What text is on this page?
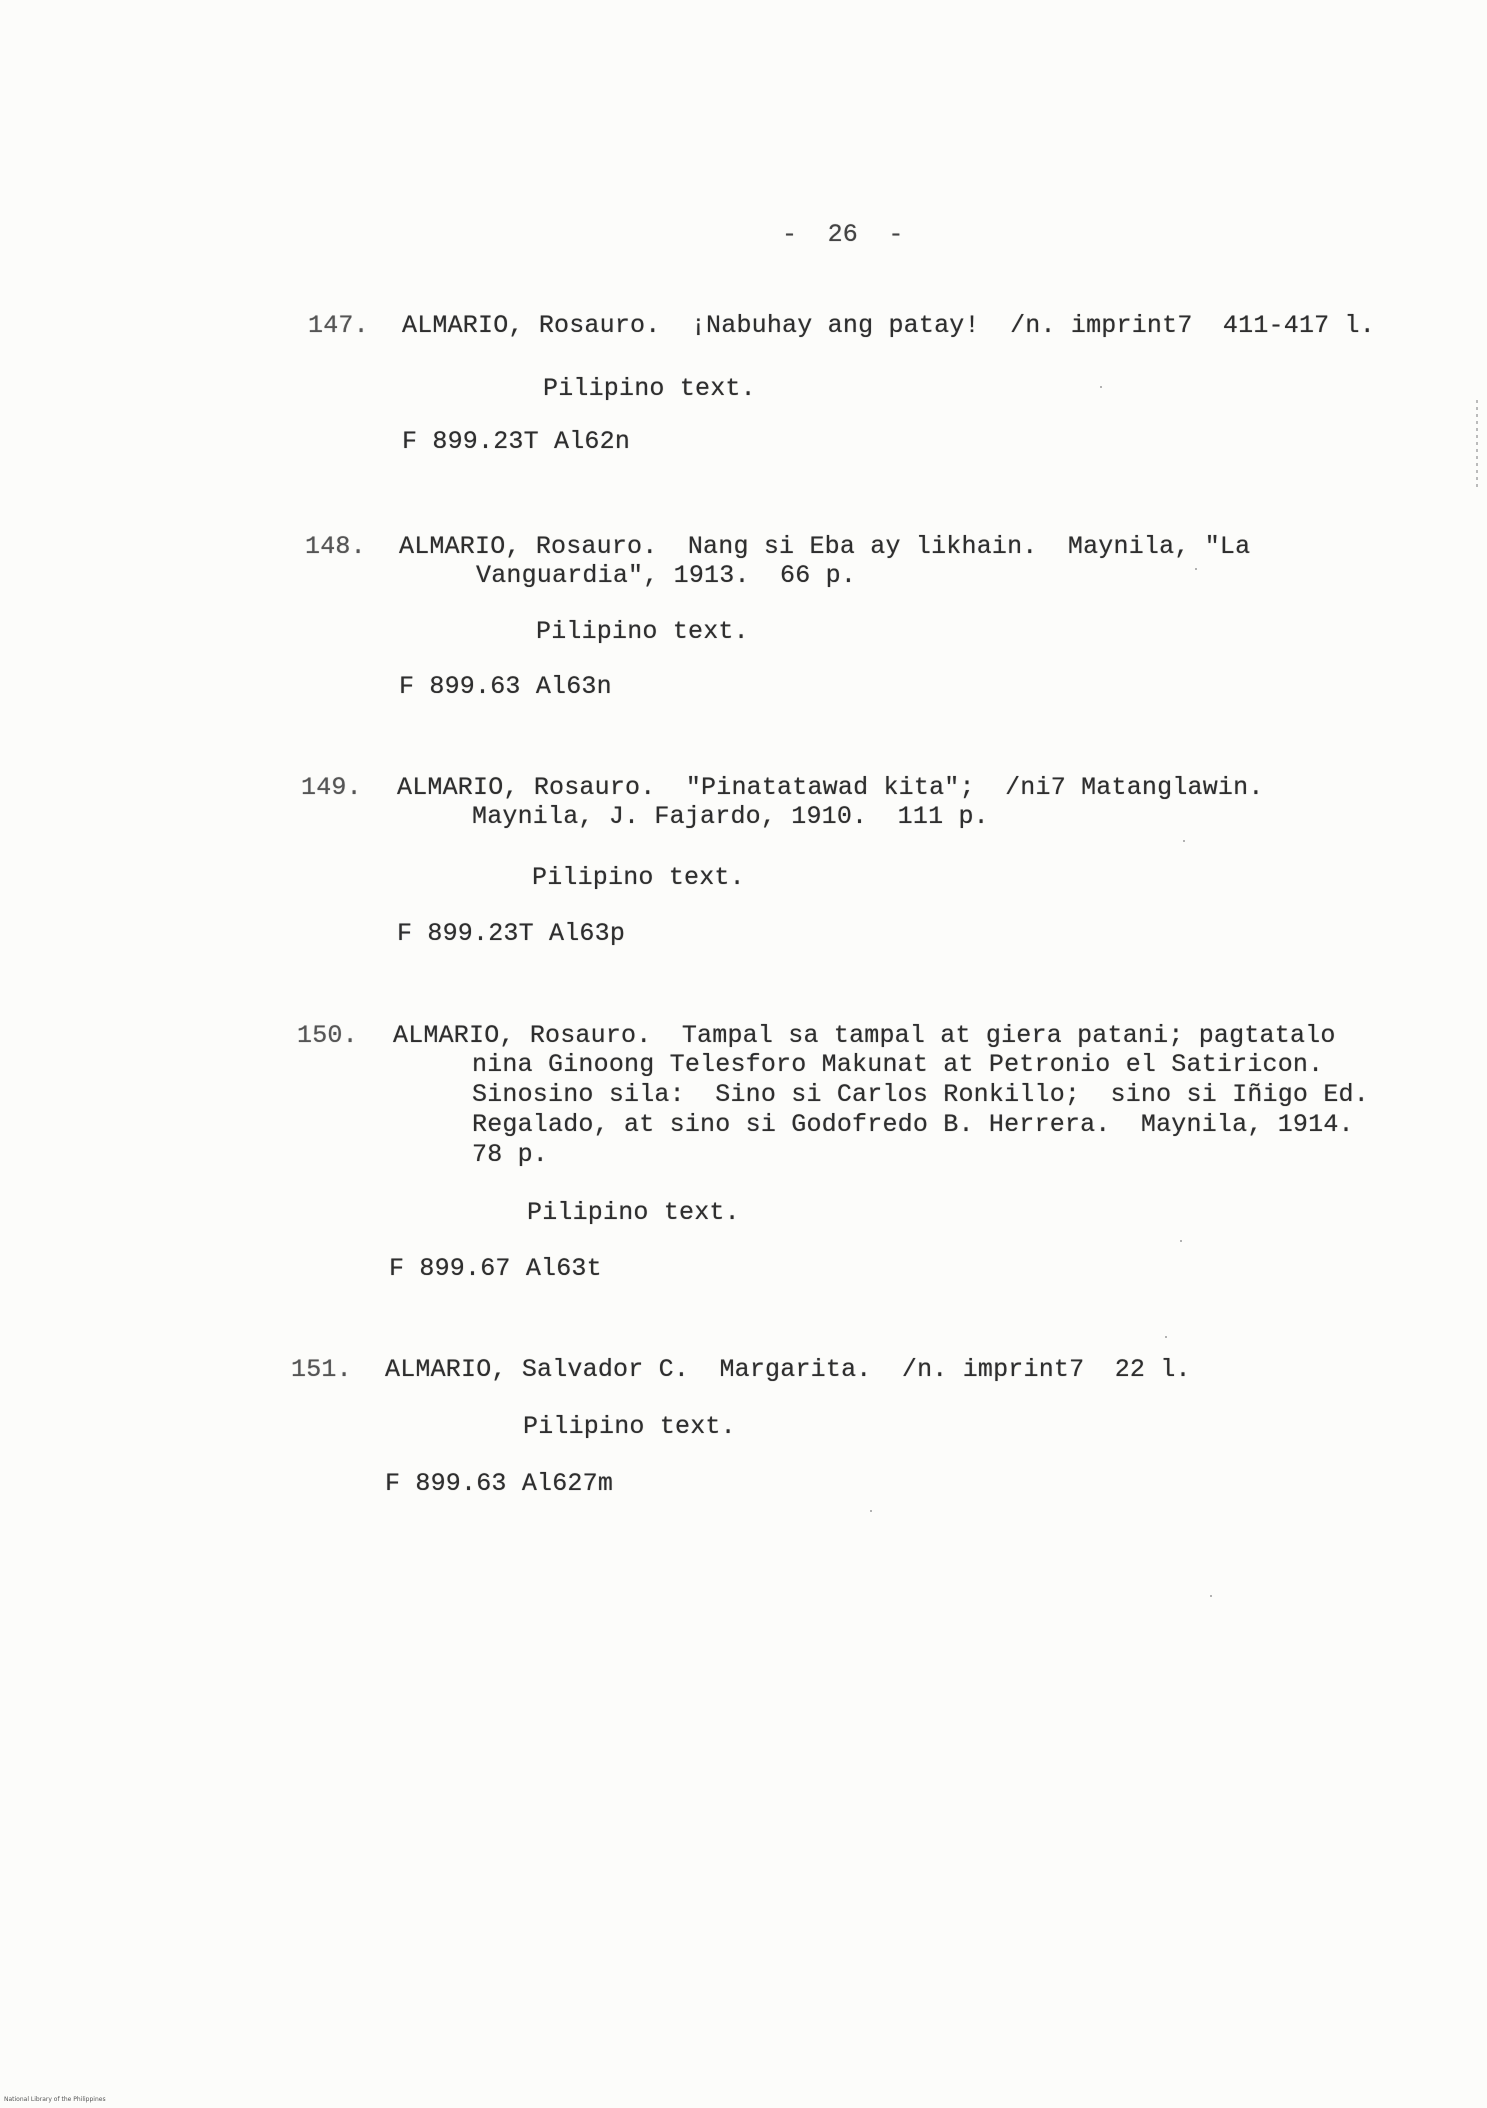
-  26  -
147. ALMARIO, Rosauro.  ¡Nabuhay ang patay!  /n. imprint7  411-417 l.
Pilipino text.
F 899.23T Al62n
148. ALMARIO, Rosauro.  Nang si Eba ay likhain.  Maynila, "La
Vanguardia", 1913.  66 p.
Pilipino text.
F 899.63 Al63n
149. ALMARIO, Rosauro.  "Pinatatawad kita";  /ni7 Matanglawin.
Maynila, J. Fajardo, 1910.  111 p.
Pilipino text.
F 899.23T Al63p
150. ALMARIO, Rosauro.  Tampal sa tampal at giera patani; pagtatalo
nina Ginoong Telesforo Makunat at Petronio el Satiricon.
Sinosino sila:  Sino si Carlos Ronkillo;  sino si Iñigo Ed.
Regalado, at sino si Godofredo B. Herrera.  Maynila, 1914.
78 p.
Pilipino text.
F 899.67 Al63t
151. ALMARIO, Salvador C.  Margarita.  /n. imprint7  22 l.
Pilipino text.
F 899.63 Al627m
National Library of the Philippines
